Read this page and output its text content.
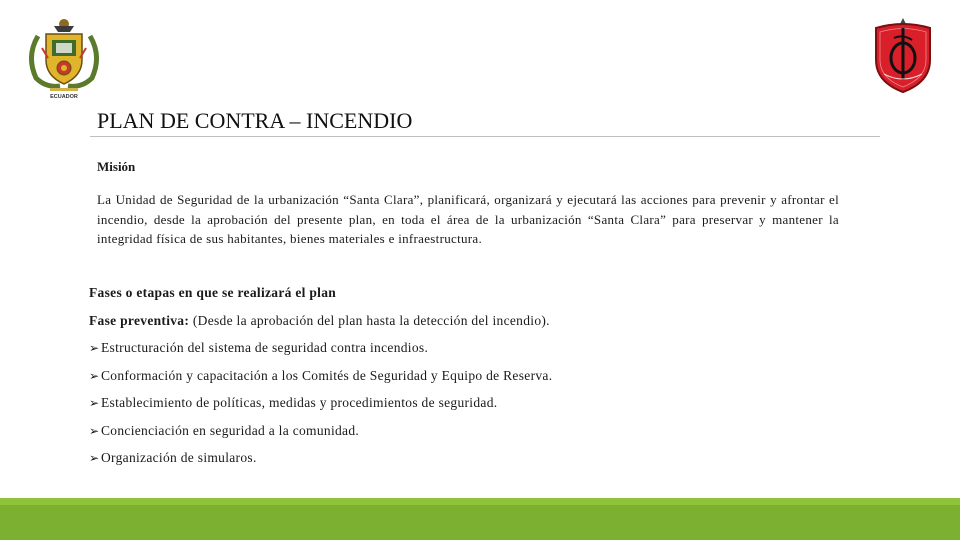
ECUADOR
PLAN DE CONTRA – INCENDIO
Misión
La Unidad de Seguridad de la urbanización “Santa Clara”, planificará, organizará y ejecutará las acciones para prevenir y afrontar el incendio, desde la aprobación del presente plan, en toda el área de la urbanización “Santa Clara” para preservar y mantener la integridad física de sus habitantes, bienes materiales e infraestructura.
Fases o etapas en que se realizará el plan
Fase preventiva: (Desde la aprobación del plan hasta la detección del incendio).
➢ Estructuración del sistema de seguridad contra incendios.
➢ Conformación y capacitación a los Comités de Seguridad y Equipo de Reserva.
➢ Establecimiento de políticas, medidas y procedimientos de seguridad.
➢ Concienciación en seguridad a la comunidad.
➢ Organización de simularos.
